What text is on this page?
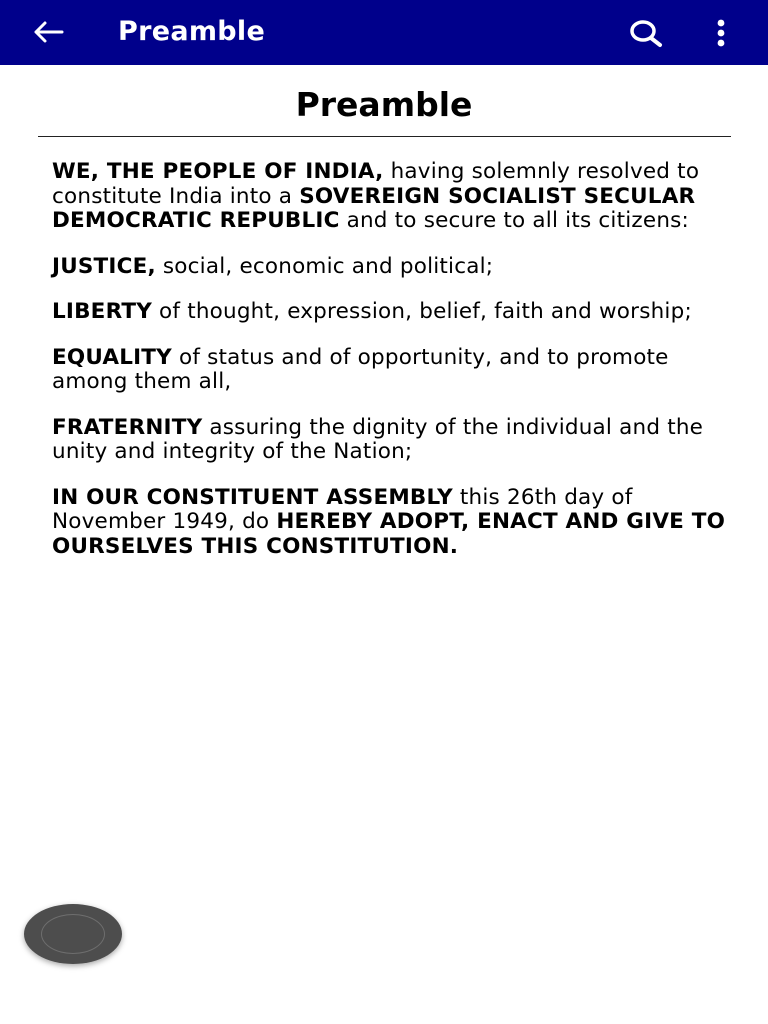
Preamble
Preamble

WE, THE PEOPLE OF INDIA, having solemnly resolved to constitute India into a SOVEREIGN SOCIALIST SECULAR DEMOCRATIC REPUBLIC and to secure to all its citizens:

JUSTICE, social, economic and political;

LIBERTY of thought, expression, belief, faith and worship;

EQUALITY of status and of opportunity, and to promote among them all,

FRATERNITY assuring the dignity of the individual and the unity and integrity of the Nation;

IN OUR CONSTITUENT ASSEMBLY this 26th day of November 1949, do HEREBY ADOPT, ENACT AND GIVE TO OURSELVES THIS CONSTITUTION.
